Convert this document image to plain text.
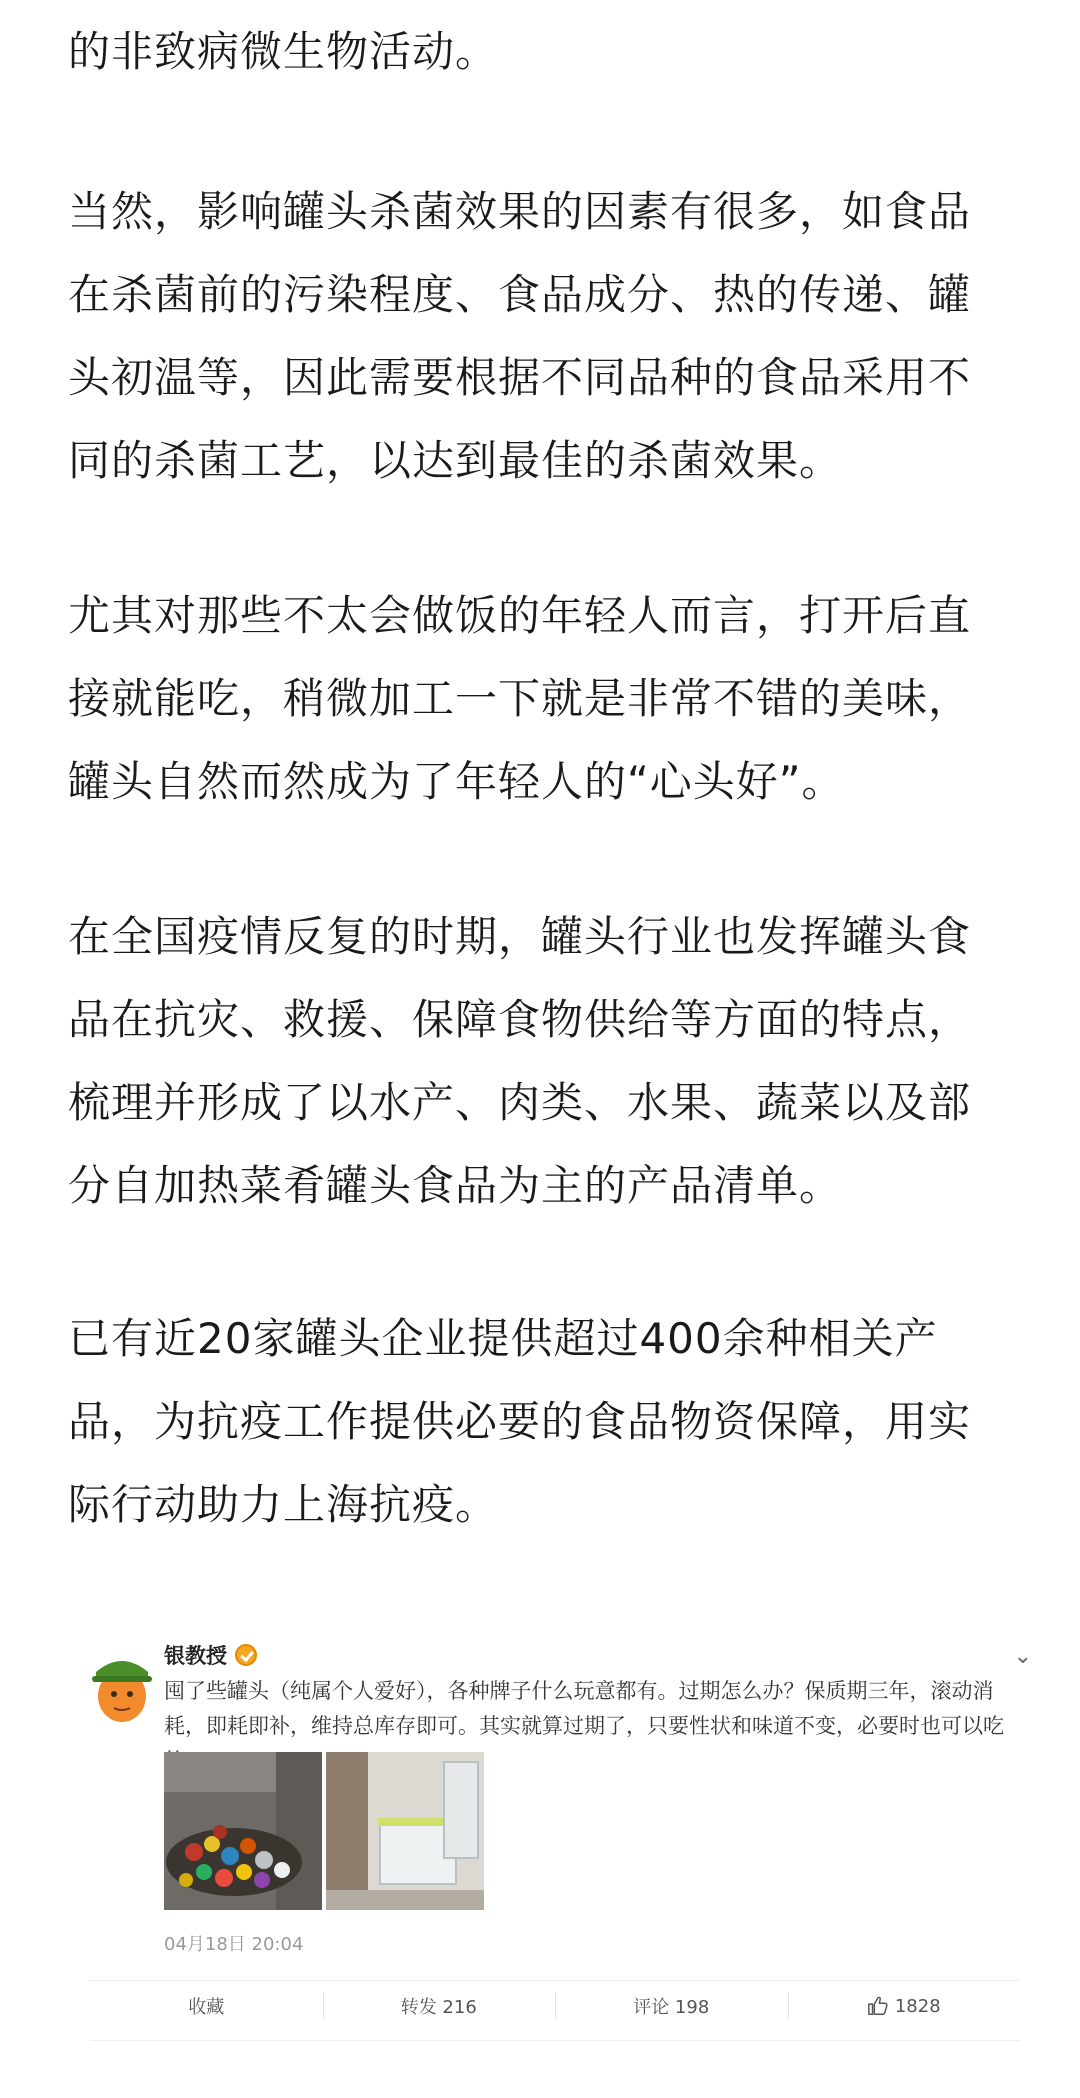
的非致病微生物活动。
当然，影响罐头杀菌效果的因素有很多，如食品
在杀菌前的污染程度、食品成分、热的传递、罐
头初温等，因此需要根据不同品种的食品采用不
同的杀菌工艺，以达到最佳的杀菌效果。
尤其对那些不太会做饭的年轻人而言，打开后直
接就能吃，稍微加工一下就是非常不错的美味，
罐头自然而然成为了年轻人的“心头好”。
在全国疫情反复的时期，罐头行业也发挥罐头食
品在抗灾、救援、保障食物供给等方面的特点，
梳理并形成了以水产、肉类、水果、蔬菜以及部
分自加热菜肴罐头食品为主的产品清单。
已有近20家罐头企业提供超过400余种相关产
品，为抗疫工作提供必要的食品物资保障，用实
际行动助力上海抗疫。
银教授	⌄
囤了些罐头（纯属个人爱好），各种牌子什么玩意都有。过期怎么办？保质期三年，滚动消
耗，即耗即补，维持总库存即可。其实就算过期了，只要性状和味道不变，必要时也可以吃
04月18日 20:04
收藏	转发 216	评论 198	1828
